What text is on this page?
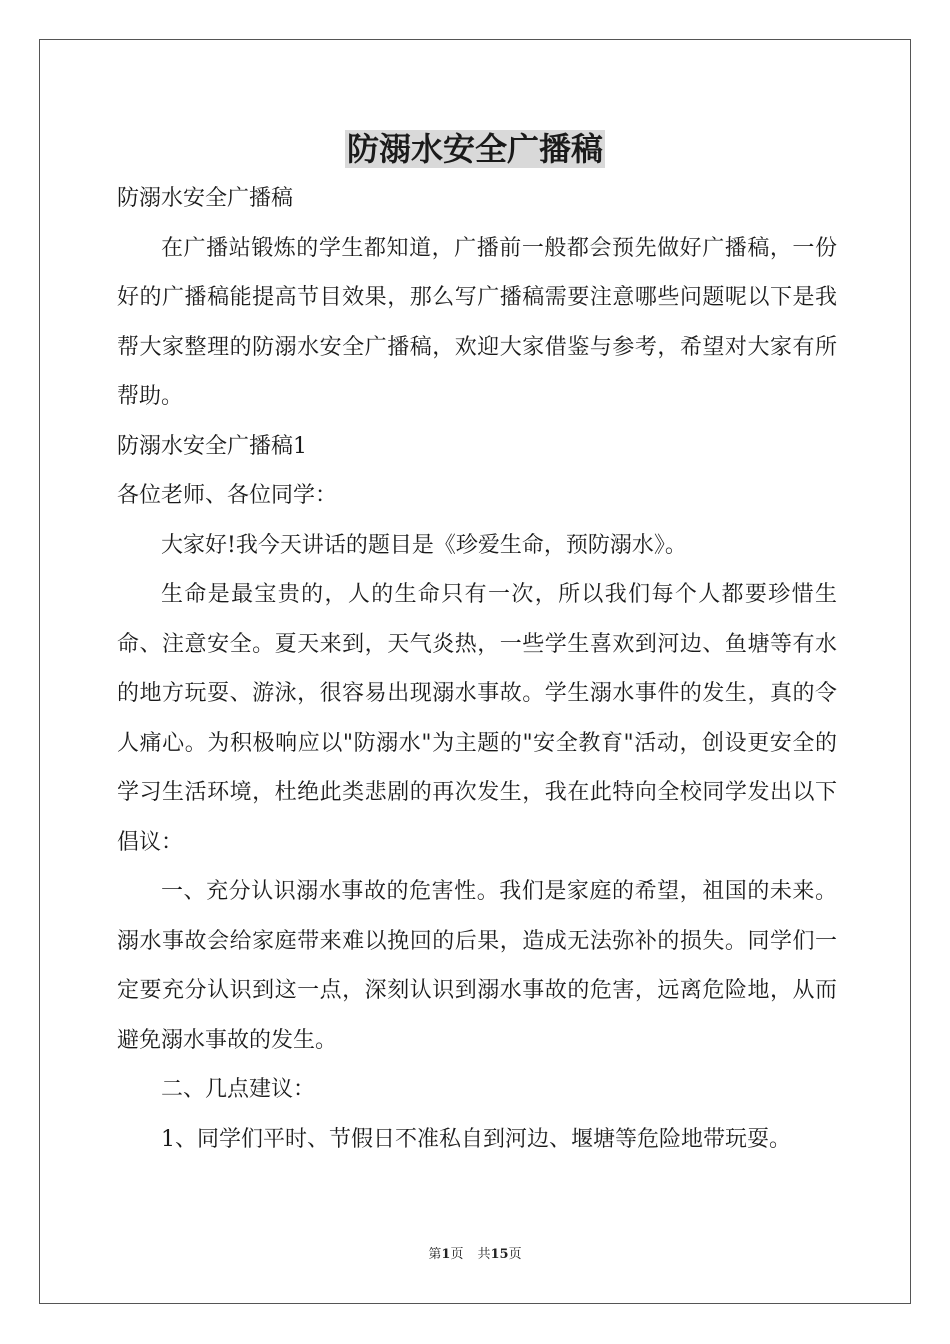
防溺水安全广播稿

防溺水安全广播稿

在广播站锻炼的学生都知道，广播前一般都会预先做好广播稿，一份好的广播稿能提高节目效果，那么写广播稿需要注意哪些问题呢以下是我帮大家整理的防溺水安全广播稿，欢迎大家借鉴与参考，希望对大家有所帮助。

防溺水安全广播稿1

各位老师、各位同学：

大家好!我今天讲话的题目是《珍爱生命，预防溺水》。

生命是最宝贵的，人的生命只有一次，所以我们每个人都要珍惜生命、注意安全。夏天来到，天气炎热，一些学生喜欢到河边、鱼塘等有水的地方玩耍、游泳，很容易出现溺水事故。学生溺水事件的发生，真的令人痛心。为积极响应以"防溺水"为主题的"安全教育"活动，创设更安全的学习生活环境，杜绝此类悲剧的再次发生，我在此特向全校同学发出以下倡议：

一、充分认识溺水事故的危害性。我们是家庭的希望，祖国的未来。溺水事故会给家庭带来难以挽回的后果，造成无法弥补的损失。同学们一定要充分认识到这一点，深刻认识到溺水事故的危害，远离危险地，从而避免溺水事故的发生。

二、几点建议：

1、同学们平时、节假日不准私自到河边、堰塘等危险地带玩耍。

第1页 共15页
